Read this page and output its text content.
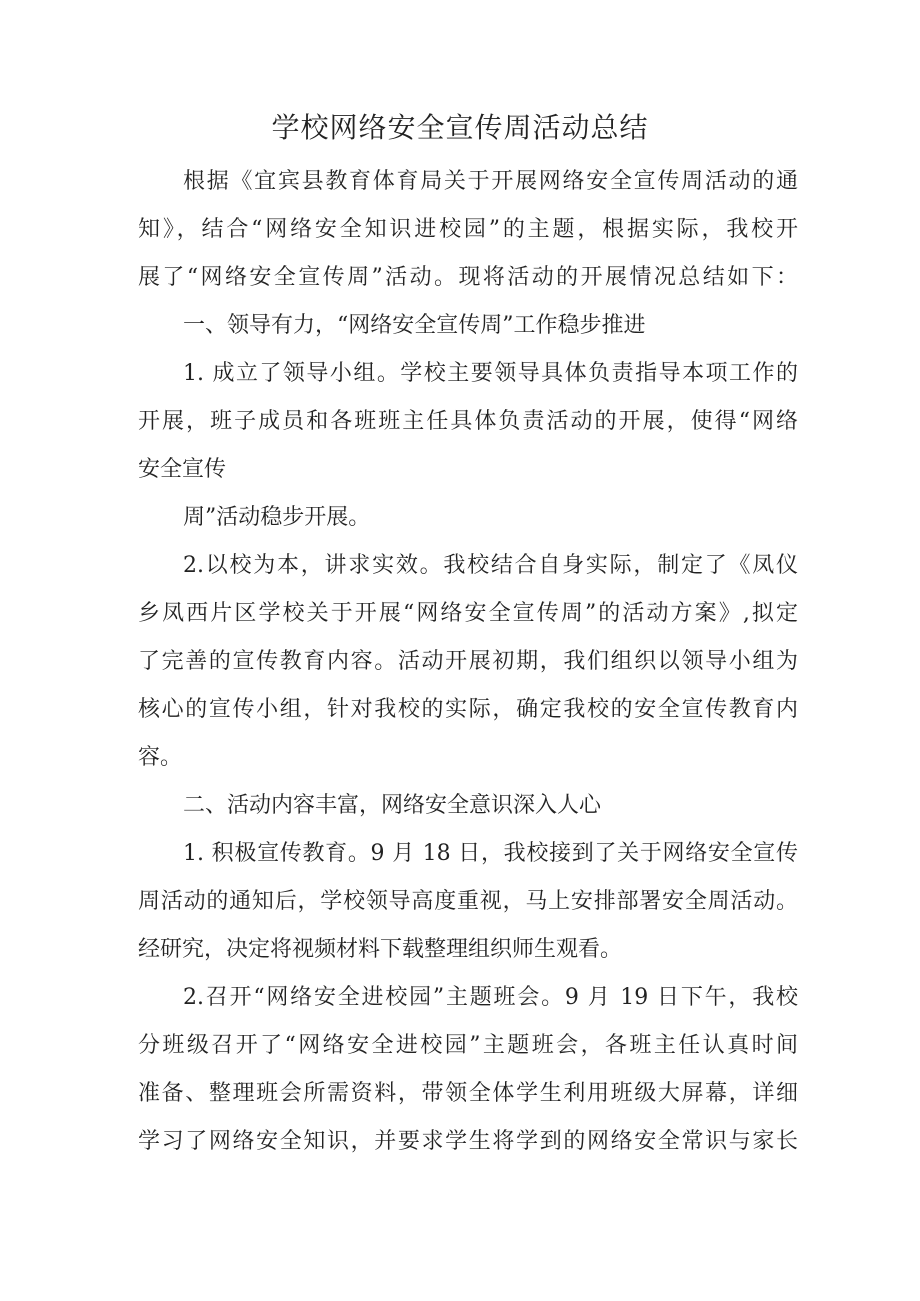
学校网络安全宣传周活动总结
根据《宜宾县教育体育局关于开展网络安全宣传周活动的通
知》，结合“网络安全知识进校园”的主题，根据实际，我校开
展了“网络安全宣传周”活动。现将活动的开展情况总结如下：
一、领导有力，“网络安全宣传周”工作稳步推进
1. 成立了领导小组。学校主要领导具体负责指导本项工作的
开展，班子成员和各班班主任具体负责活动的开展，使得“网络
安全宣传
周”活动稳步开展。
2.以校为本，讲求实效。我校结合自身实际，制定了《凤仪
乡凤西片区学校关于开展“网络安全宣传周”的活动方案》,拟定
了完善的宣传教育内容。活动开展初期，我们组织以领导小组为
核心的宣传小组，针对我校的实际，确定我校的安全宣传教育内
容。
二、活动内容丰富，网络安全意识深入人心
1. 积极宣传教育。9 月 18 日，我校接到了关于网络安全宣传
周活动的通知后，学校领导高度重视，马上安排部署安全周活动。
经研究，决定将视频材料下载整理组织师生观看。
2.召开“网络安全进校园”主题班会。9 月 19 日下午，我校
分班级召开了“网络安全进校园”主题班会，各班主任认真时间
准备、整理班会所需资料，带领全体学生利用班级大屏幕，详细
学习了网络安全知识，并要求学生将学到的网络安全常识与家长
